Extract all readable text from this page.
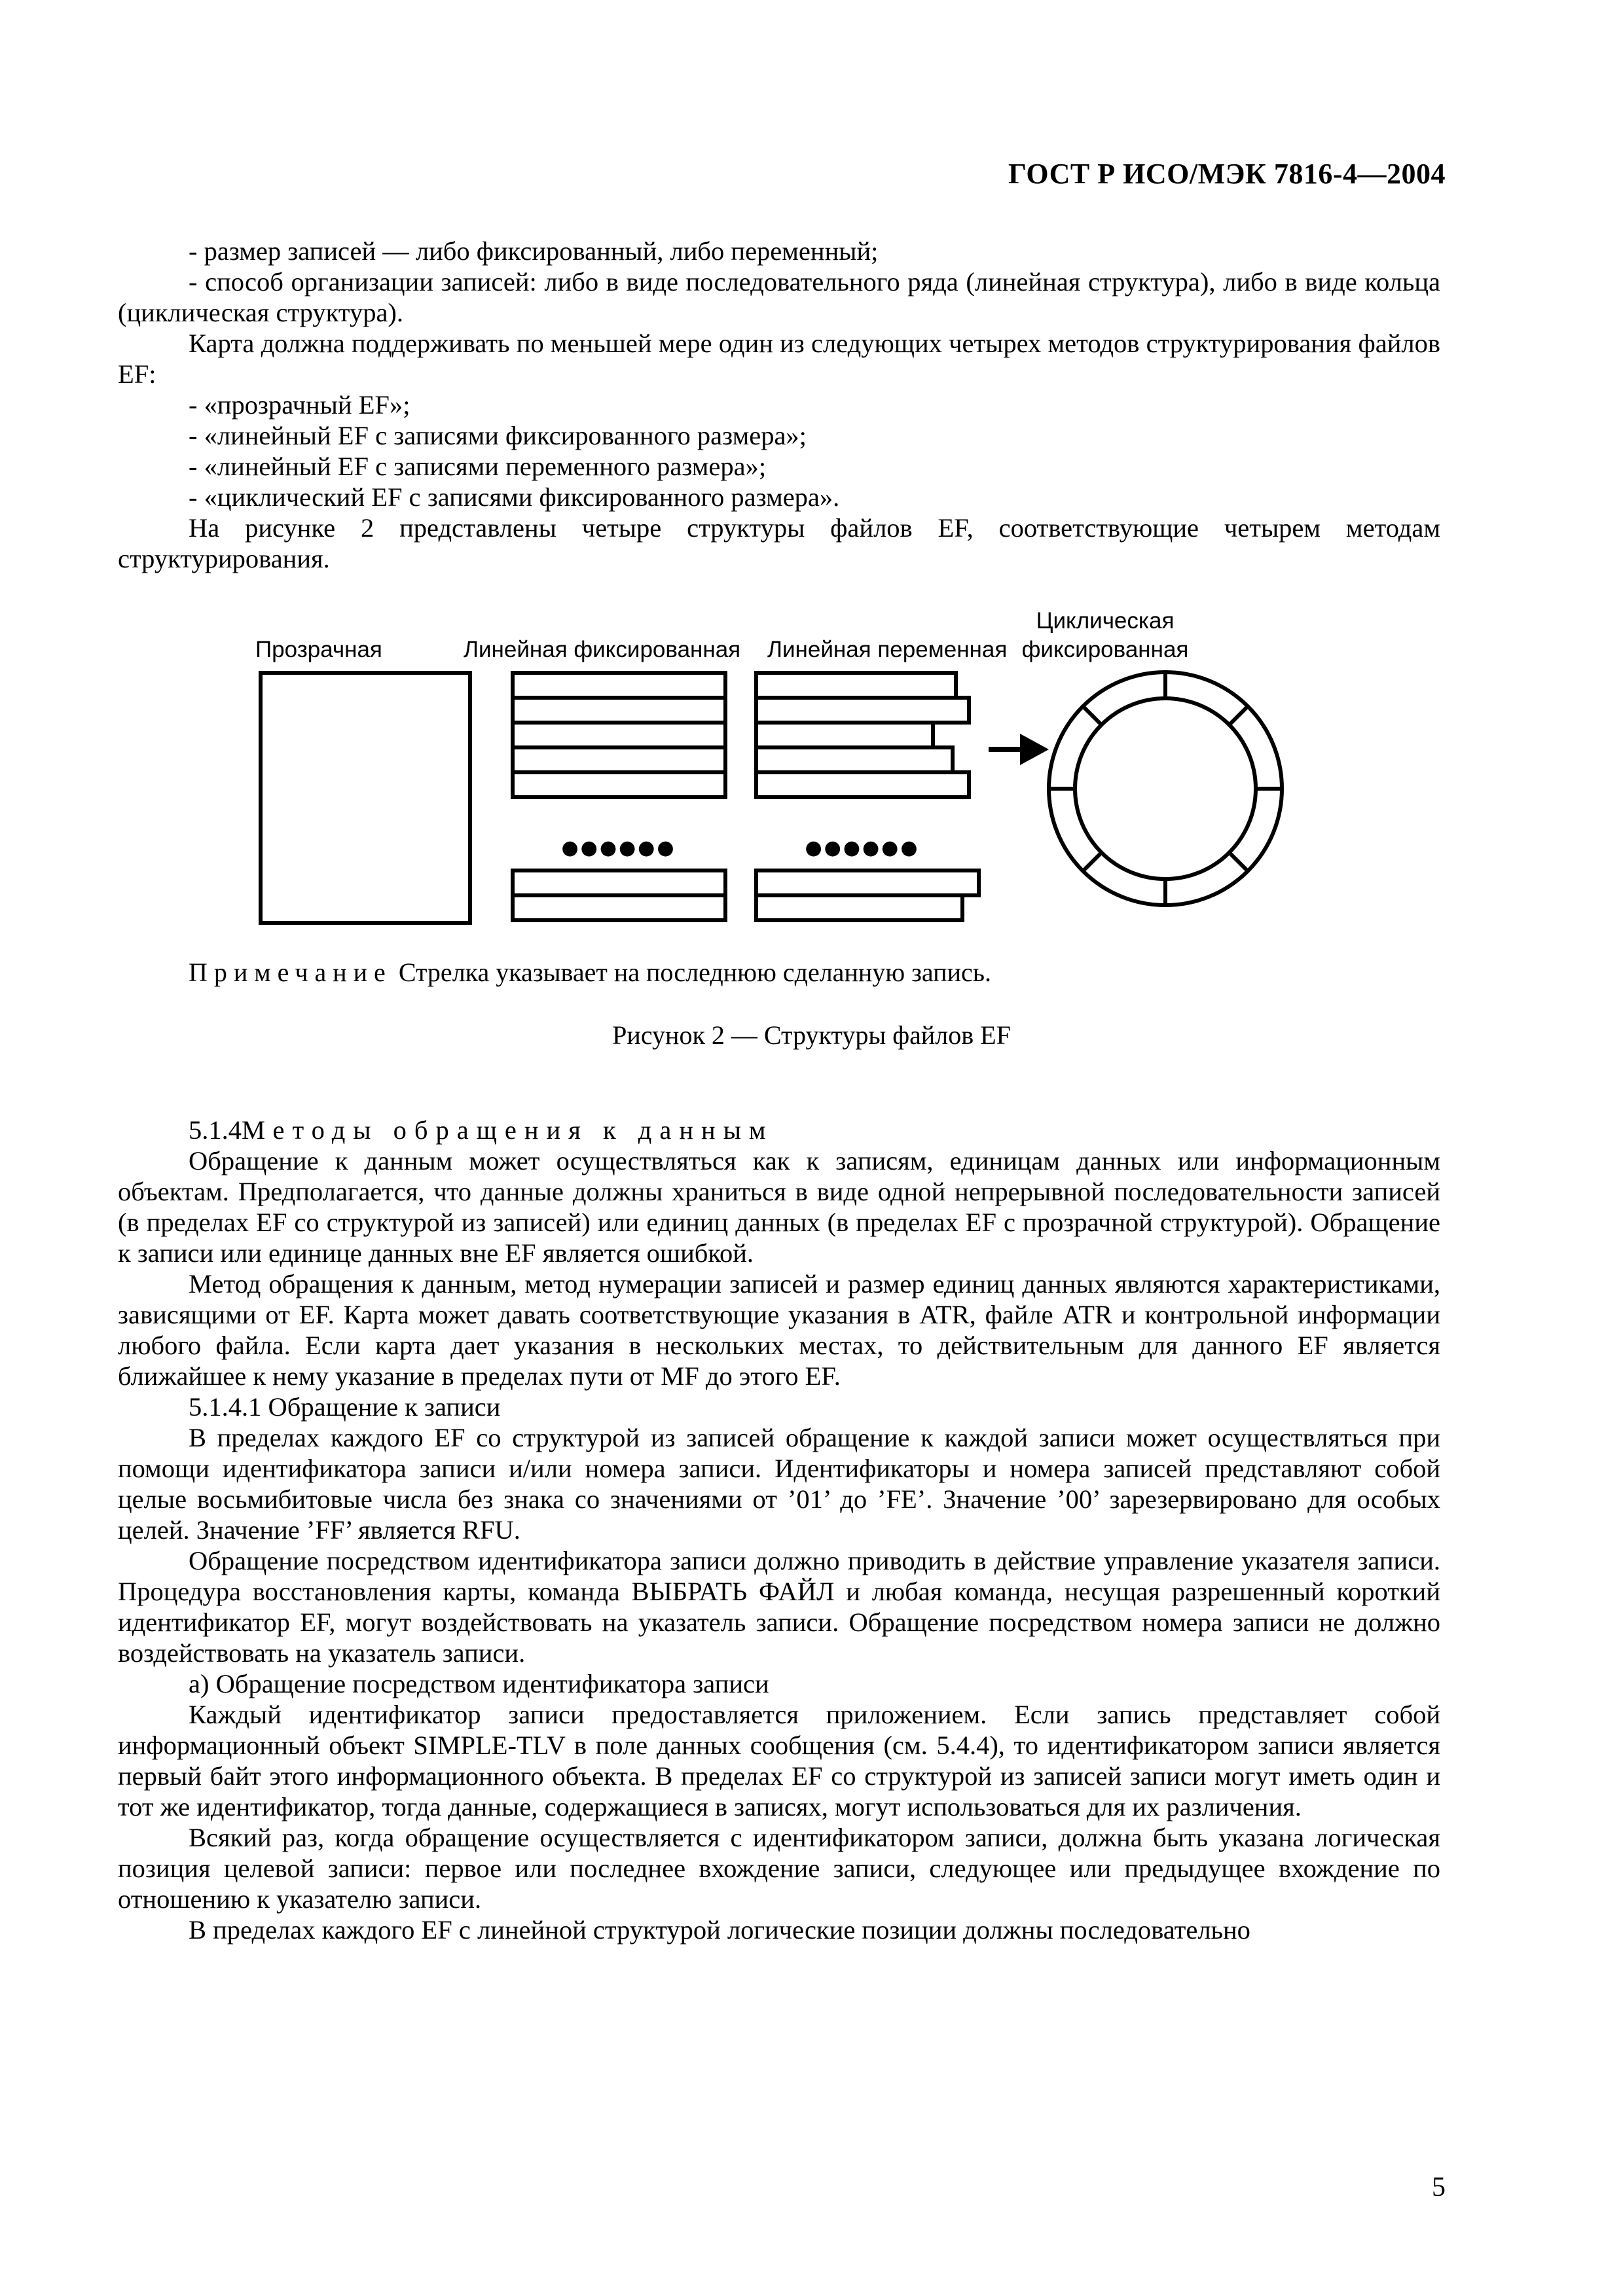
ГОСТ Р ИСО/МЭК 7816-4—2004

- размер записей — либо фиксированный, либо переменный;

- способ организации записей: либо в виде последовательного ряда (линейная структура), либо в виде кольца (циклическая структура).

Карта должна поддерживать по меньшей мере один из следующих четырех методов структурирования файлов EF:

- «прозрачный EF»;

- «линейный EF с записями фиксированного размера»;

- «линейный EF с записями переменного размера»;

- «циклический EF с записями фиксированного размера».

На рисунке 2 представлены четыре структуры файлов EF, соответствующие четырем методам структурирования.

Прозрачная	Линейная фиксированная Линейная переменная
Циклическая
фиксированная
●●●●●●	●●●●●●
Примечание Стрелка указывает на последнюю сделанную запись.
Рисунок 2 — Структуры файлов EF

5.1.4Методы обращения к данным

Обращение к данным может осуществляться как к записям, единицам данных или информационным объектам. Предполагается, что данные должны храниться в виде одной непрерывной последовательности записей (в пределах EF со структурой из записей) или единиц данных (в пределах EF с прозрачной структурой). Обращение к записи или единице данных вне EF является ошибкой.

Метод обращения к данным, метод нумерации записей и размер единиц данных являются характеристиками, зависящими от EF. Карта может давать соответствующие указания в ATR, файле ATR и контрольной информации любого файла. Если карта дает указания в нескольких местах, то действительным для данного EF является ближайшее к нему указание в пределах пути от MF до этого EF.

5.1.4.1 Обращение к записи

В пределах каждого EF со структурой из записей обращение к каждой записи может осуществляться при помощи идентификатора записи и/или номера записи. Идентификаторы и номера записей представляют собой целые восьмибитовые числа без знака со значениями от ’01’ до ’FE’. Значение ’00’ зарезервировано для особых целей. Значение ’FF’ является RFU.

Обращение посредством идентификатора записи должно приводить в действие управление указателя записи. Процедура восстановления карты, команда ВЫБРАТЬ ФАЙЛ и любая команда, несущая разрешенный короткий идентификатор EF, могут воздействовать на указатель записи. Обращение посредством номера записи не должно воздействовать на указатель записи.

а) Обращение посредством идентификатора записи

Каждый идентификатор записи предоставляется приложением. Если запись представляет собой информационный объект SIMPLE-TLV в поле данных сообщения (см. 5.4.4), то идентификатором записи является первый байт этого информационного объекта. В пределах EF со структурой из записей записи могут иметь один и тот же идентификатор, тогда данные, содержащиеся в записях, могут использоваться для их различения.

Всякий раз, когда обращение осуществляется с идентификатором записи, должна быть указана логическая позиция целевой записи: первое или последнее вхождение записи, следующее или предыдущее вхождение по отношению к указателю записи.

В пределах каждого EF с линейной структурой логические позиции должны последовательно

5
